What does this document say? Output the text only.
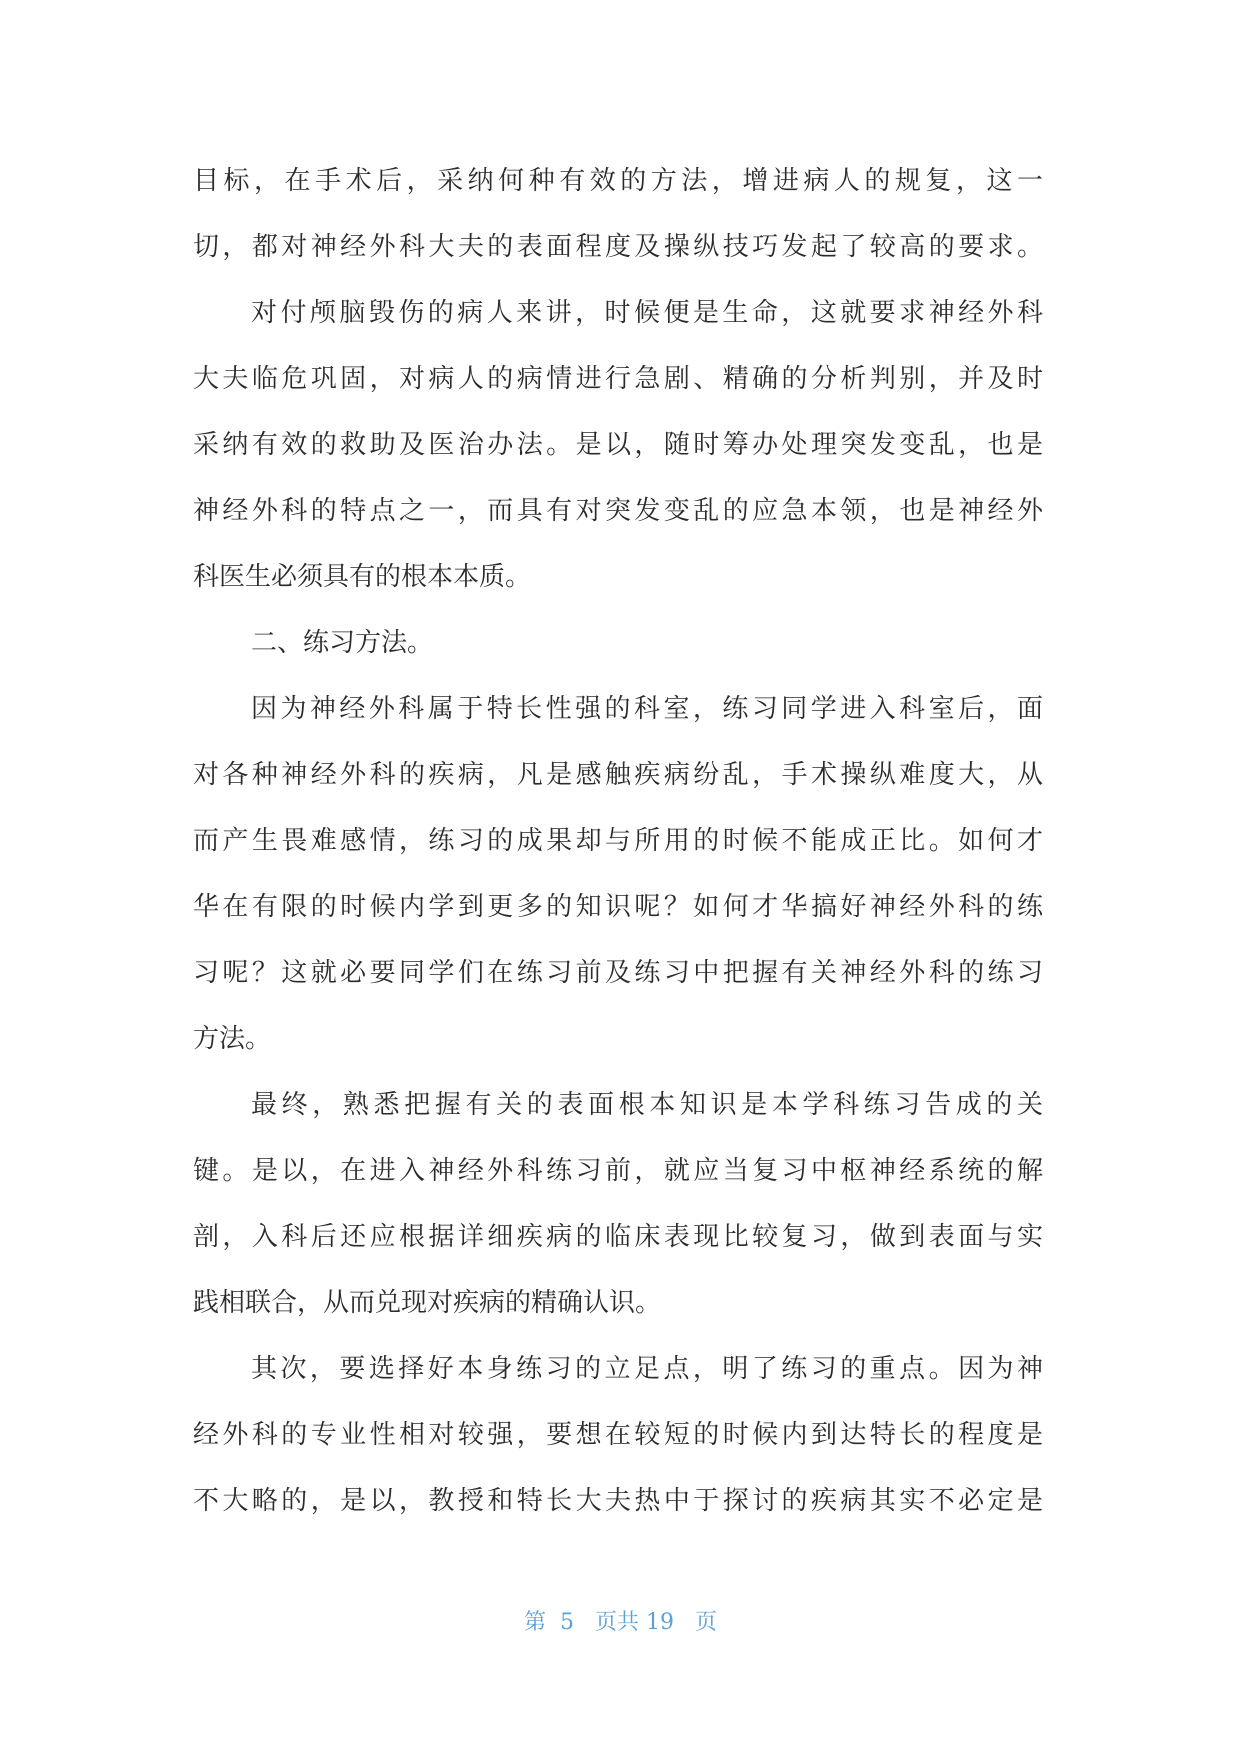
目标，在手术后，采纳何种有效的方法，增进病人的规复，这一
切，都对神经外科大夫的表面程度及操纵技巧发起了较高的要求。
对付颅脑毁伤的病人来讲，时候便是生命，这就要求神经外科
大夫临危巩固，对病人的病情进行急剧、精确的分析判别，并及时
采纳有效的救助及医治办法。是以，随时筹办处理突发变乱，也是
神经外科的特点之一，而具有对突发变乱的应急本领，也是神经外
科医生必须具有的根本本质。
二、练习方法。
因为神经外科属于特长性强的科室，练习同学进入科室后，面
对各种神经外科的疾病，凡是感触疾病纷乱，手术操纵难度大，从
而产生畏难感情，练习的成果却与所用的时候不能成正比。如何才
华在有限的时候内学到更多的知识呢？如何才华搞好神经外科的练
习呢？这就必要同学们在练习前及练习中把握有关神经外科的练习
方法。
最终，熟悉把握有关的表面根本知识是本学科练习告成的关
键。是以，在进入神经外科练习前，就应当复习中枢神经系统的解
剖，入科后还应根据详细疾病的临床表现比较复习，做到表面与实
践相联合，从而兑现对疾病的精确认识。
其次，要选择好本身练习的立足点，明了练习的重点。因为神
经外科的专业性相对较强，要想在较短的时候内到达特长的程度是
不大略的，是以，教授和特长大夫热中于探讨的疾病其实不必定是
第  5   页共 19   页
